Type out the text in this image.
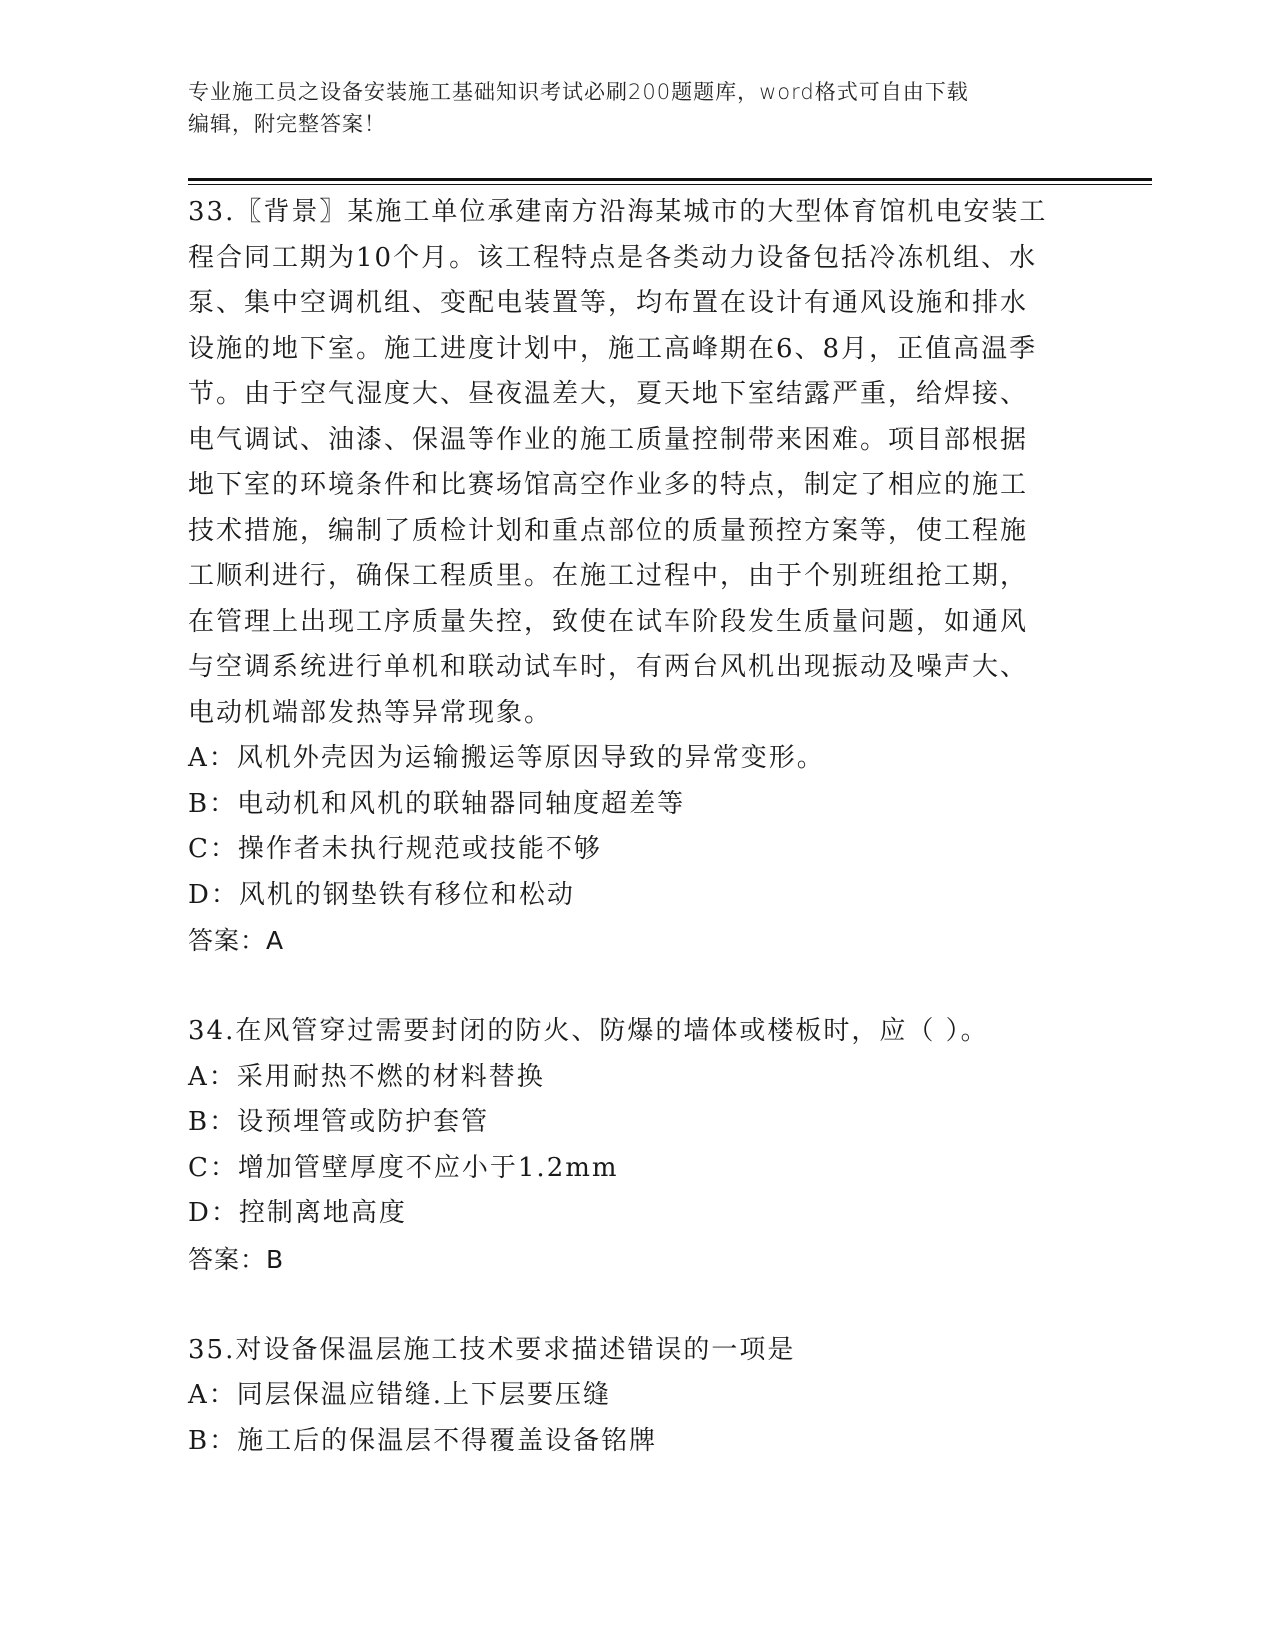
专业施工员之设备安装施工基础知识考试必刷200题题库，word格式可自由下载
编辑，附完整答案！
33.〖背景〗某施工单位承建南方沿海某城市的大型体育馆机电安装工
程合同工期为10个月。该工程特点是各类动力设备包括冷冻机组、水
泵、集中空调机组、变配电装置等，均布置在设计有通风设施和排水
设施的地下室。施工进度计划中，施工高峰期在6、8月，正值高温季
节。由于空气湿度大、昼夜温差大，夏天地下室结露严重，给焊接、
电气调试、油漆、保温等作业的施工质量控制带来困难。项目部根据
地下室的环境条件和比赛场馆高空作业多的特点，制定了相应的施工
技术措施，编制了质检计划和重点部位的质量预控方案等，使工程施
工顺利进行，确保工程质里。在施工过程中，由于个别班组抢工期，
在管理上出现工序质量失控，致使在试车阶段发生质量问题，如通风
与空调系统进行单机和联动试车时，有两台风机出现振动及噪声大、
电动机端部发热等异常现象。
A：风机外壳因为运输搬运等原因导致的异常变形。
B：电动机和风机的联轴器同轴度超差等
C：操作者未执行规范或技能不够
D：风机的钢垫铁有移位和松动
答案：A
34.在风管穿过需要封闭的防火、防爆的墙体或楼板时，应（ ）。
A：采用耐热不燃的材料替换
B：设预埋管或防护套管
C：增加管壁厚度不应小于1.2mm
D：控制离地高度
答案：B
35.对设备保温层施工技术要求描述错误的一项是
A：同层保温应错缝.上下层要压缝
B：施工后的保温层不得覆盖设备铭牌
